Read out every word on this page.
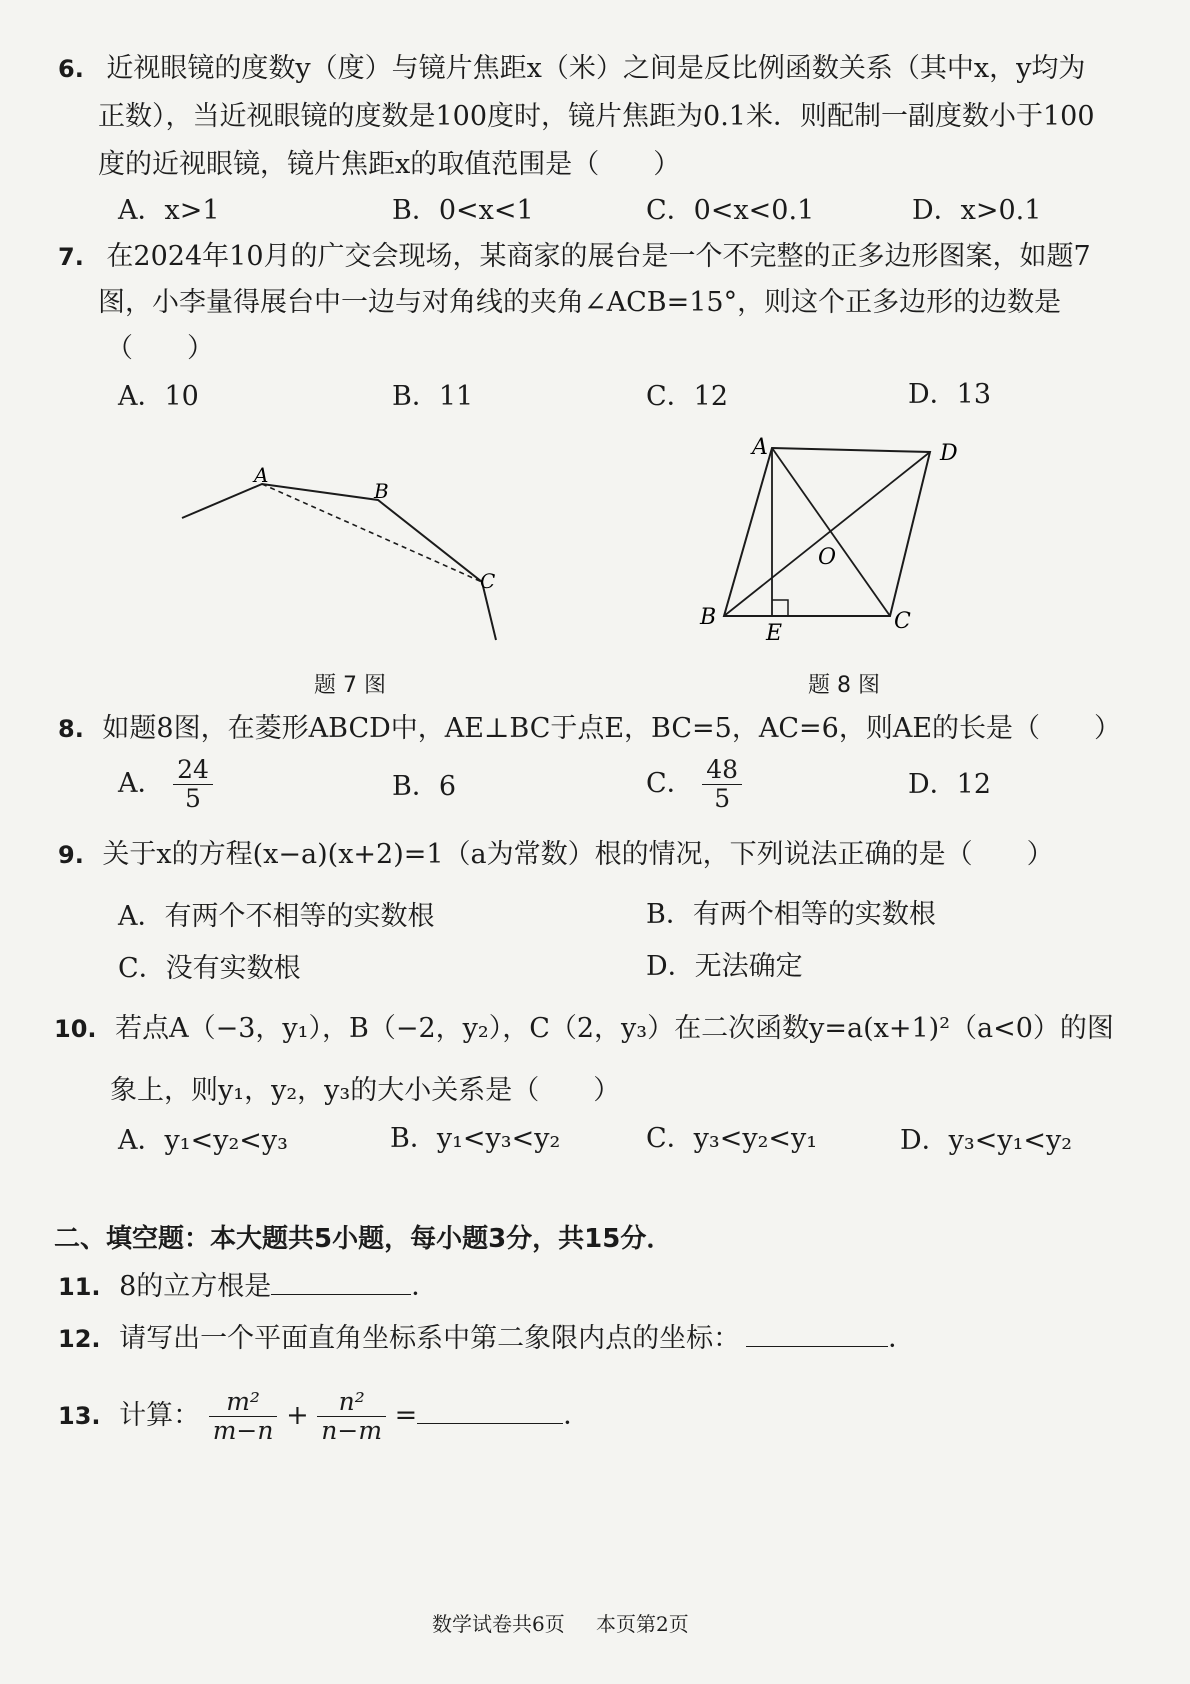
6. 近视眼镜的度数y（度）与镜片焦距x（米）之间是反比例函数关系（其中x，y均为
正数），当近视眼镜的度数是100度时，镜片焦距为0.1米．则配制一副度数小于100
度的近视眼镜，镜片焦距x的取值范围是（　　）
A．x>1	B．0<x<1	C．0<x<0.1	D．x>0.1
7. 在2024年10月的广交会现场，某商家的展台是一个不完整的正多边形图案，如题7
图，小李量得展台中一边与对角线的夹角∠ACB=15°，则这个正多边形的边数是
（　　）
A．10	B．11	C．12	D．13
A
B
C
题 7 图
A	D
O
B
E	C
题 8 图
8. 如题8图，在菱形ABCD中，AE⊥BC于点E，BC=5，AC=6，则AE的长是（　　）
A． $\frac{24}{5}$	B．6	C． $\frac{48}{5}$	D．12
9. 关于x的方程(x−a)(x+2)=1（a为常数）根的情况，下列说法正确的是（　　）
A．有两个不相等的实数根	B．有两个相等的实数根
C．没有实数根	D．无法确定
10. 若点A（−3，y₁），B（−2，y₂），C（2，y₃）在二次函数y=a(x+1)²（a<0）的图
象上，则y₁，y₂，y₃的大小关系是（　　）
A．y₁<y₂<y₃	B．y₁<y₃<y₂	C．y₃<y₂<y₁	D．y₃<y₁<y₂
二、填空题：本大题共5小题，每小题3分，共15分．
11. 8的立方根是	．
12. 请写出一个平面直角坐标系中第二象限内点的坐标：	．
13. 计算： $\frac{\text{m²}}{m-n} + \frac{\text{n²}}{n-m}$ =	．
数学试卷共6页 本页第2页
